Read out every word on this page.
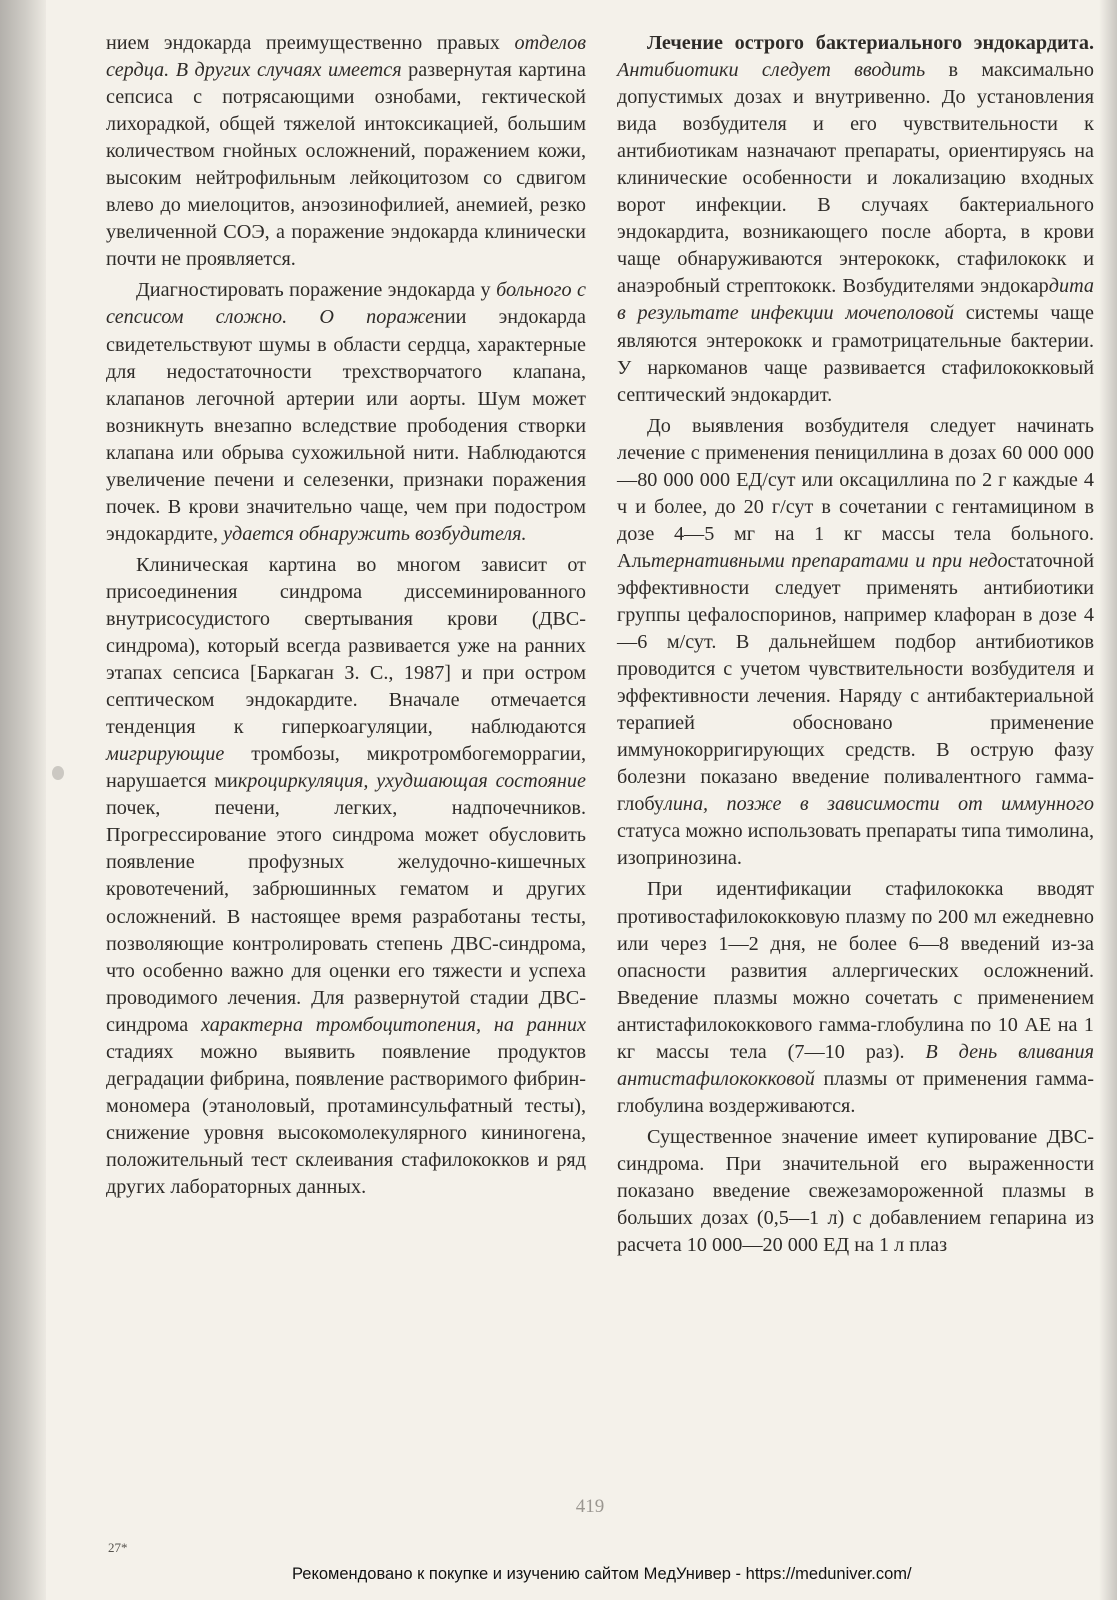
нием эндокарда преимущественно правых отделов сердца. В других случаях имеется развернутая картина сепсиса с потрясающими ознобами, гектической лихорадкой, общей тяжелой интоксикацией, большим количеством гнойных осложнений, поражением кожи, высоким нейтрофильным лейкоцитозом со сдвигом влево до миелоцитов, анэозинофилией, анемией, резко увеличенной СОЭ, а поражение эндокарда клинически почти не проявляется.

Диагностировать поражение эндокарда у больного с сепсисом сложно. О поражении эндокарда свидетельствуют шумы в области сердца, характерные для недостаточности трехстворчатого клапана, клапанов легочной артерии или аорты. Шум может возникнуть внезапно вследствие прободения створки клапана или обрыва сухожильной нити. Наблюдаются увеличение печени и селезенки, признаки поражения почек. В крови значительно чаще, чем при подостром эндокардите, удается обнаружить возбудителя.

Клиническая картина во многом зависит от присоединения синдрома диссеминированного внутрисосудистого свертывания крови (ДВС-синдрома), который всегда развивается уже на ранних этапах сепсиса [Баркаган З. С., 1987] и при остром септическом эндокардите. Вначале отмечается тенденция к гиперкоагуляции, наблюдаются мигрирующие тромбозы, микротромбогеморрагии, нарушается микроциркуляция, ухудшающая состояние почек, печени, легких, надпочечников. Прогрессирование этого синдрома может обусловить появление профузных желудочно-кишечных кровотечений, забрюшинных гематом и других осложнений. В настоящее время разработаны тесты, позволяющие контролировать степень ДВС-синдрома, что особенно важно для оценки его тяжести и успеха проводимого лечения. Для развернутой стадии ДВС-синдрома характерна тромбоцитопения, на ранних стадиях можно выявить появление продуктов деградации фибрина, появление растворимого фибрин-мономера (этаноловый, протаминсульфатный тесты), снижение уровня высокомолекулярного кининогена, положительный тест склеивания стафилококков и ряд других лабораторных данных.

Лечение острого бактериального эндокардита. Антибиотики следует вводить в максимально допустимых дозах и внутривенно. До установления вида возбудителя и его чувствительности к антибиотикам назначают препараты, ориентируясь на клинические особенности и локализацию входных ворот инфекции. В случаях бактериального эндокардита, возникающего после аборта, в крови чаще обнаруживаются энтерококк, стафилококк и анаэробный стрептококк. Возбудителями эндокардита в результате инфекции мочеполовой системы чаще являются энтерококк и грамотрицательные бактерии. У наркоманов чаще развивается стафилококковый септический эндокардит.

До выявления возбудителя следует начинать лечение с применения пенициллина в дозах 60 000 000—80 000 000 ЕД/сут или оксациллина по 2 г каждые 4 ч и более, до 20 г/сут в сочетании с гентамицином в дозе 4—5 мг на 1 кг массы тела больного. Альтернативными препаратами и при недостаточной эффективности следует применять антибиотики группы цефалоспоринов, например клафоран в дозе 4—6 м/сут. В дальнейшем подбор антибиотиков проводится с учетом чувствительности возбудителя и эффективности лечения. Наряду с антибактериальной терапией обосновано применение иммунокорригирующих средств. В острую фазу болезни показано введение поливалентного гамма-глобулина, позже в зависимости от иммунного статуса можно использовать препараты типа тимолина, изопринозина.

При идентификации стафилококка вводят противостафилококковую плазму по 200 мл ежедневно или через 1—2 дня, не более 6—8 введений из-за опасности развития аллергических осложнений. Введение плазмы можно сочетать с применением антистафилококкового гамма-глобулина по 10 АЕ на 1 кг массы тела (7—10 раз). В день вливания антистафилококковой плазмы от применения гамма-глобулина воздерживаются.

Существенное значение имеет купирование ДВС-синдрома. При значительной его выраженности показано введение свежезамороженной плазмы в больших дозах (0,5—1 л) с добавлением гепарина из расчета 10 000—20 000 ЕД на 1 л плаз

419
27*
Рекомендовано к покупке и изучению сайтом МедУнивер - https://meduniver.com/
